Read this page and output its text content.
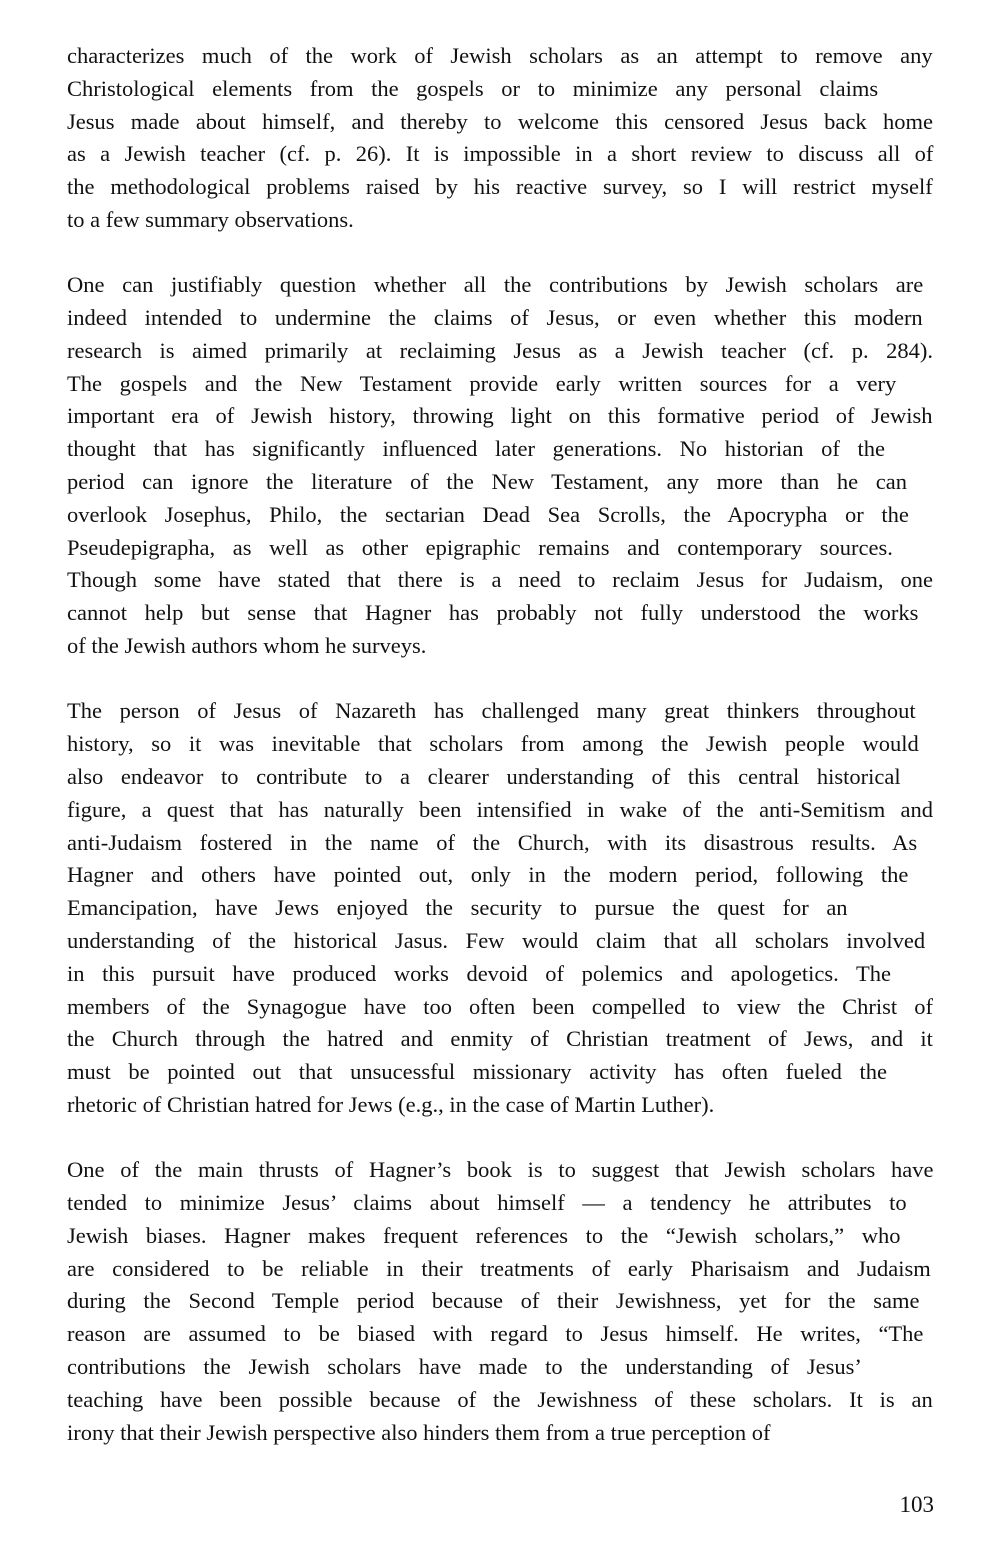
characterizes much of the work of Jewish scholars as an attempt to remove any
Christological elements from the gospels or to minimize any personal claims
Jesus made about himself, and thereby to welcome this censored Jesus back home
as a Jewish teacher (cf. p. 26). It is impossible in a short review to discuss all of
the methodological problems raised by his reactive survey, so I will restrict myself
to a few summary observations.

One can justifiably question whether all the contributions by Jewish scholars are
indeed intended to undermine the claims of Jesus, or even whether this modern
research is aimed primarily at reclaiming Jesus as a Jewish teacher (cf. p. 284).
The gospels and the New Testament provide early written sources for a very
important era of Jewish history, throwing light on this formative period of Jewish
thought that has significantly influenced later generations. No historian of the
period can ignore the literature of the New Testament, any more than he can
overlook Josephus, Philo, the sectarian Dead Sea Scrolls, the Apocrypha or the
Pseudepigrapha, as well as other epigraphic remains and contemporary sources.
Though some have stated that there is a need to reclaim Jesus for Judaism, one
cannot help but sense that Hagner has probably not fully understood the works
of the Jewish authors whom he surveys.

The person of Jesus of Nazareth has challenged many great thinkers throughout
history, so it was inevitable that scholars from among the Jewish people would
also endeavor to contribute to a clearer understanding of this central historical
figure, a quest that has naturally been intensified in wake of the anti-Semitism and
anti-Judaism fostered in the name of the Church, with its disastrous results. As
Hagner and others have pointed out, only in the modern period, following the
Emancipation, have Jews enjoyed the security to pursue the quest for an
understanding of the historical Jasus. Few would claim that all scholars involved
in this pursuit have produced works devoid of polemics and apologetics. The
members of the Synagogue have too often been compelled to view the Christ of
the Church through the hatred and enmity of Christian treatment of Jews, and it
must be pointed out that unsucessful missionary activity has often fueled the
rhetoric of Christian hatred for Jews (e.g., in the case of Martin Luther).

One of the main thrusts of Hagner’s book is to suggest that Jewish scholars have
tended to minimize Jesus’ claims about himself — a tendency he attributes to
Jewish biases. Hagner makes frequent references to the “Jewish scholars,” who
are considered to be reliable in their treatments of early Pharisaism and Judaism
during the Second Temple period because of their Jewishness, yet for the same
reason are assumed to be biased with regard to Jesus himself. He writes, “The
contributions the Jewish scholars have made to the understanding of Jesus’
teaching have been possible because of the Jewishness of these scholars. It is an
irony that their Jewish perspective also hinders them from a true perception of

103
